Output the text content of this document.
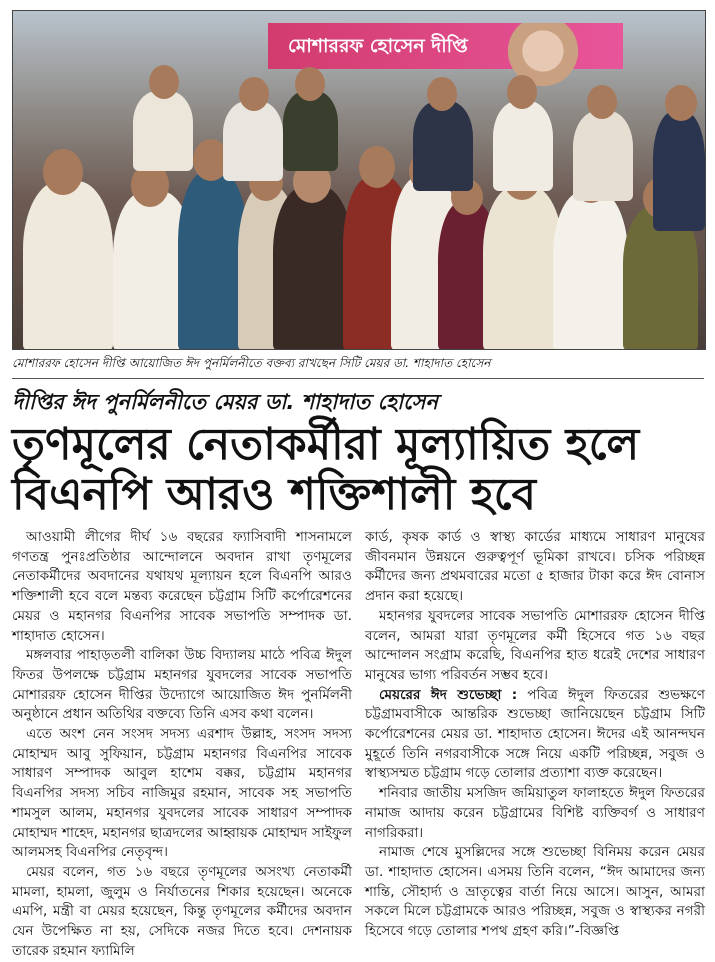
মোশাররফ হোসেন দীপ্তি
মোশাররফ হোসেন দীপ্তি আয়োজিত ঈদ পুনর্মিলনীতে বক্তব্য রাখছেন সিটি মেয়র ডা. শাহাদাত হোসেন
দীপ্তির ঈদ পুনর্মিলনীতে মেয়র ডা. শাহাদাত হোসেন
তৃণমূলের নেতাকর্মীরা মূল্যায়িত হলে
বিএনপি আরও শক্তিশালী হবে

আওয়ামী লীগের দীর্ঘ ১৬ বছরের ফ্যাসিবাদী শাসনামলে গণতন্ত্র পুনঃপ্রতিষ্ঠার আন্দোলনে অবদান রাখা তৃণমূলের নেতাকর্মীদের অবদানের যথাযথ মূল্যায়ন হলে বিএনপি আরও শক্তিশালী হবে বলে মন্তব্য করেছেন চট্টগ্রাম সিটি কর্পোরেশনের মেয়র ও মহানগর বিএনপির সাবেক সভাপতি সম্পাদক ডা. শাহাদাত হোসেন।

মঙ্গলবার পাহাড়তলী বালিকা উচ্চ বিদ্যালয় মাঠে পবিত্র ঈদুল ফিতর উপলক্ষে চট্টগ্রাম মহানগর যুবদলের সাবেক সভাপতি মোশাররফ হোসেন দীপ্তির উদ্যোগে আয়োজিত ঈদ পুনর্মিলনী অনুষ্ঠানে প্রধান অতিথির বক্তব্যে তিনি এসব কথা বলেন।

এতে অংশ নেন সংসদ সদস্য এরশাদ উল্লাহ, সংসদ সদস্য মোহাম্মদ আবু সুফিয়ান, চট্টগ্রাম মহানগর বিএনপির সাবেক সাধারণ সম্পাদক আবুল হাশেম বক্কর, চট্টগ্রাম মহানগর বিএনপির সদস্য সচিব নাজিমুর রহমান, সাবেক সহ সভাপতি শামসুল আলম, মহানগর যুবদলের সাবেক সাধারণ সম্পাদক মোহাম্মদ শাহেদ, মহানগর ছাত্রদলের আহ্বায়ক মোহাম্মদ সাইফুল আলমসহ বিএনপির নেতৃবৃন্দ।

মেয়র বলেন, গত ১৬ বছরে তৃণমূলের অসংখ্য নেতাকর্মী মামলা, হামলা, জুলুম ও নির্যাতনের শিকার হয়েছেন। অনেকে এমপি, মন্ত্রী বা মেয়র হয়েছেন, কিন্তু তৃণমূলের কর্মীদের অবদান যেন উপেক্ষিত না হয়, সেদিকে নজর দিতে হবে। দেশনায়ক তারেক রহমান ফ্যামিলি

কার্ড, কৃষক কার্ড ও স্বাস্থ্য কার্ডের মাধ্যমে সাধারণ মানুষের জীবনমান উন্নয়নে গুরুত্বপূর্ণ ভূমিকা রাখবে। চসিক পরিচ্ছন্ন কর্মীদের জন্য প্রথমবারের মতো ৫ হাজার টাকা করে ঈদ বোনাস প্রদান করা হয়েছে।

মহানগর যুবদলের সাবেক সভাপতি মোশাররফ হোসেন দীপ্তি বলেন, আমরা যারা তৃণমূলের কর্মী হিসেবে গত ১৬ বছর আন্দোলন সংগ্রাম করেছি, বিএনপির হাত ধরেই দেশের সাধারণ মানুষের ভাগ্য পরিবর্তন সম্ভব হবে।

মেয়রের ঈদ শুভেচ্ছা : পবিত্র ঈদুল ফিতরের শুভক্ষণে চট্টগ্রামবাসীকে আন্তরিক শুভেচ্ছা জানিয়েছেন চট্টগ্রাম সিটি কর্পোরেশনের মেয়র ডা. শাহাদাত হোসেন। ঈদের এই আনন্দঘন মুহূর্তে তিনি নগরবাসীকে সঙ্গে নিয়ে একটি পরিচ্ছন্ন, সবুজ ও স্বাস্থ্যসম্মত চট্টগ্রাম গড়ে তোলার প্রত্যাশা ব্যক্ত করেছেন।

শনিবার জাতীয় মসজিদ জমিয়াতুল ফালাহতে ঈদুল ফিতরের নামাজ আদায় করেন চট্টগ্রামের বিশিষ্ট ব্যক্তিবর্গ ও সাধারণ নাগরিকরা।

নামাজ শেষে মুসল্লিদের সঙ্গে শুভেচ্ছা বিনিময় করেন মেয়র ডা. শাহাদাত হোসেন। এসময় তিনি বলেন, “ঈদ আমাদের জন্য শান্তি, সৌহার্দ্য ও ভ্রাতৃত্বের বার্তা নিয়ে আসে। আসুন, আমরা সকলে মিলে চট্টগ্রামকে আরও পরিচ্ছন্ন, সবুজ ও স্বাস্থ্যকর নগরী হিসেবে গড়ে তোলার শপথ গ্রহণ করি।”-বিজ্ঞপ্তি
